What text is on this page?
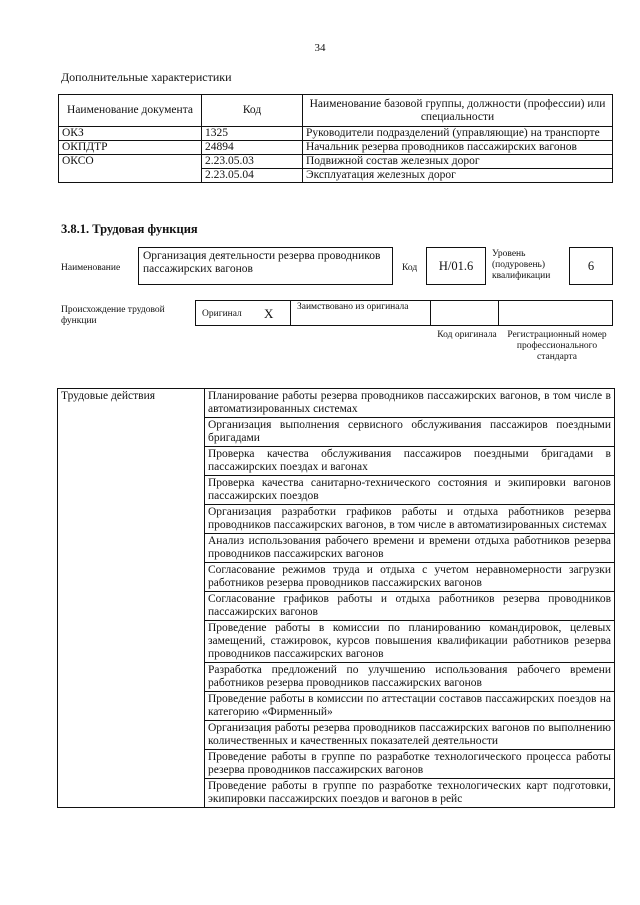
34
Дополнительные характеристики
Наименование документа	Код	Наименование базовой группы, должности (профессии) или специальности
ОКЗ	1325	Руководители подразделений (управляющие) на транспорте
ОКПДТР	24894	Начальник резерва проводников пассажирских вагонов
ОКСО	2.23.05.03	Подвижной состав железных дорог
	2.23.05.04	Эксплуатация железных дорог
3.8.1. Трудовая функция
Наименование
Организация деятельности резерва проводников пассажирских вагонов	Код Н/01.6
Уровень (подуровень) квалификации
6
Происхождение трудовой функции
Оригинал Х	Заимствовано из оригинала
Код оригинала	Регистрационный номер профессионального стандарта
Трудовые действия	Планирование работы резерва проводников пассажирских вагонов, в том числе в автоматизированных системах
Организация выполнения сервисного обслуживания пассажиров поездными бригадами
Проверка качества обслуживания пассажиров поездными бригадами в пассажирских поездах и вагонах
Проверка качества санитарно-технического состояния и экипировки вагонов пассажирских поездов
Организация разработки графиков работы и отдыха работников резерва проводников пассажирских вагонов, в том числе в автоматизированных системах
Анализ использования рабочего времени и времени отдыха работников резерва проводников пассажирских вагонов
Согласование режимов труда и отдыха с учетом неравномерности загрузки работников резерва проводников пассажирских вагонов
Согласование графиков работы и отдыха работников резерва проводников пассажирских вагонов
Проведение работы в комиссии по планированию командировок, целевых замещений, стажировок, курсов повышения квалификации работников резерва проводников пассажирских вагонов
Разработка предложений по улучшению использования рабочего времени работников резерва проводников пассажирских вагонов
Проведение работы в комиссии по аттестации составов пассажирских поездов на категорию «Фирменный»
Организация работы резерва проводников пассажирских вагонов по выполнению количественных и качественных показателей деятельности
Проведение работы в группе по разработке технологического процесса работы резерва проводников пассажирских вагонов
Проведение работы в группе по разработке технологических карт подготовки, экипировки пассажирских поездов и вагонов в рейс
